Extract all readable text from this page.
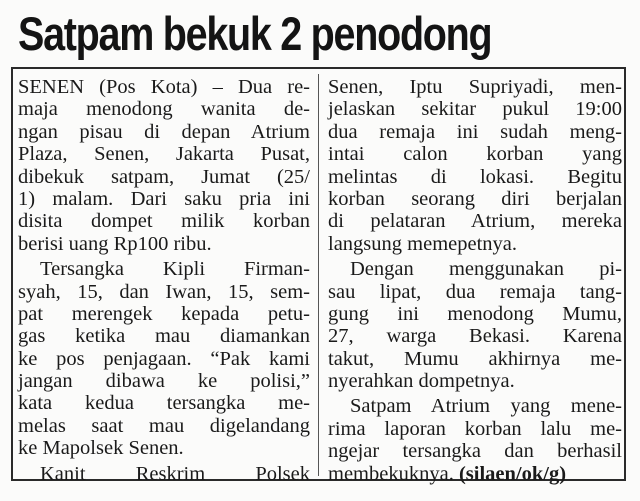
Satpam bekuk 2 penodong
SENEN (Pos Kota) – Dua re-
maja menodong wanita de-
ngan pisau di depan Atrium
Plaza, Senen, Jakarta Pusat,
dibekuk satpam, Jumat (25/
1) malam. Dari saku pria ini
disita dompet milik korban
berisi uang Rp100 ribu.
Tersangka Kipli Firman-
syah, 15, dan Iwan, 15, sem-
pat merengek kepada petu-
gas ketika mau diamankan
ke pos penjagaan. “Pak kami
jangan dibawa ke polisi,”
kata kedua tersangka me-
melas saat mau digelandang
ke Mapolsek Senen.
Kanit Reskrim Polsek
Senen, Iptu Supriyadi, men-
jelaskan sekitar pukul 19:00
dua remaja ini sudah meng-
intai calon korban yang
melintas di lokasi. Begitu
korban seorang diri berjalan
di pelataran Atrium, mereka
langsung memepetnya.
Dengan menggunakan pi-
sau lipat, dua remaja tang-
gung ini menodong Mumu,
27, warga Bekasi. Karena
takut, Mumu akhirnya me-
nyerahkan dompetnya.
Satpam Atrium yang mene-
rima laporan korban lalu me-
ngejar tersangka dan berhasil
membekuknya. (silaen/ok/g)
